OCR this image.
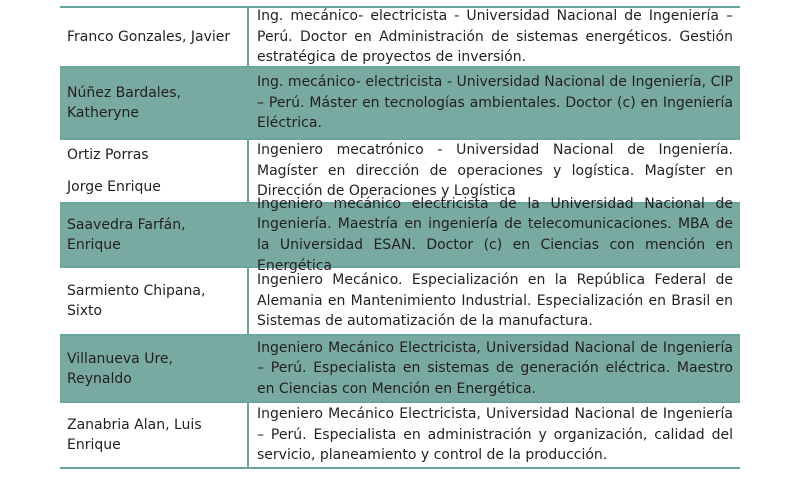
Franco Gonzales, Javier
Ing. mecánico- electricista - Universidad Nacional de Ingeniería – Perú. Doctor en Administración de sistemas energéticos. Gestión estratégica de proyectos de inversión.
Núñez Bardales,
Katheryne
Ing. mecánico- electricista - Universidad Nacional de Ingeniería, CIP – Perú. Máster en tecnologías ambientales. Doctor (c) en Ingeniería Eléctrica.
Ortiz Porras
Jorge Enrique
Ingeniero mecatrónico - Universidad Nacional de Ingeniería. Magíster en dirección de operaciones y logística. Magíster en Dirección de Operaciones y Logística
Saavedra Farfán, Enrique
Ingeniero mecánico electricista de la Universidad Nacional de Ingeniería. Maestría en ingeniería de telecomunicaciones. MBA de la Universidad ESAN. Doctor (c) en Ciencias con mención en Energética
Sarmiento Chipana, Sixto
Ingeniero Mecánico. Especialización en la República Federal de Alemania en Mantenimiento Industrial. Especialización en Brasil en Sistemas de automatización de la manufactura.
Villanueva Ure, Reynaldo
Ingeniero Mecánico Electricista, Universidad Nacional de Ingeniería – Perú. Especialista en sistemas de generación eléctrica. Maestro en Ciencias con Mención en Energética.
Zanabria Alan, Luis
Enrique
Ingeniero Mecánico Electricista, Universidad Nacional de Ingeniería – Perú. Especialista en administración y organización, calidad del servicio, planeamiento y control de la producción.
